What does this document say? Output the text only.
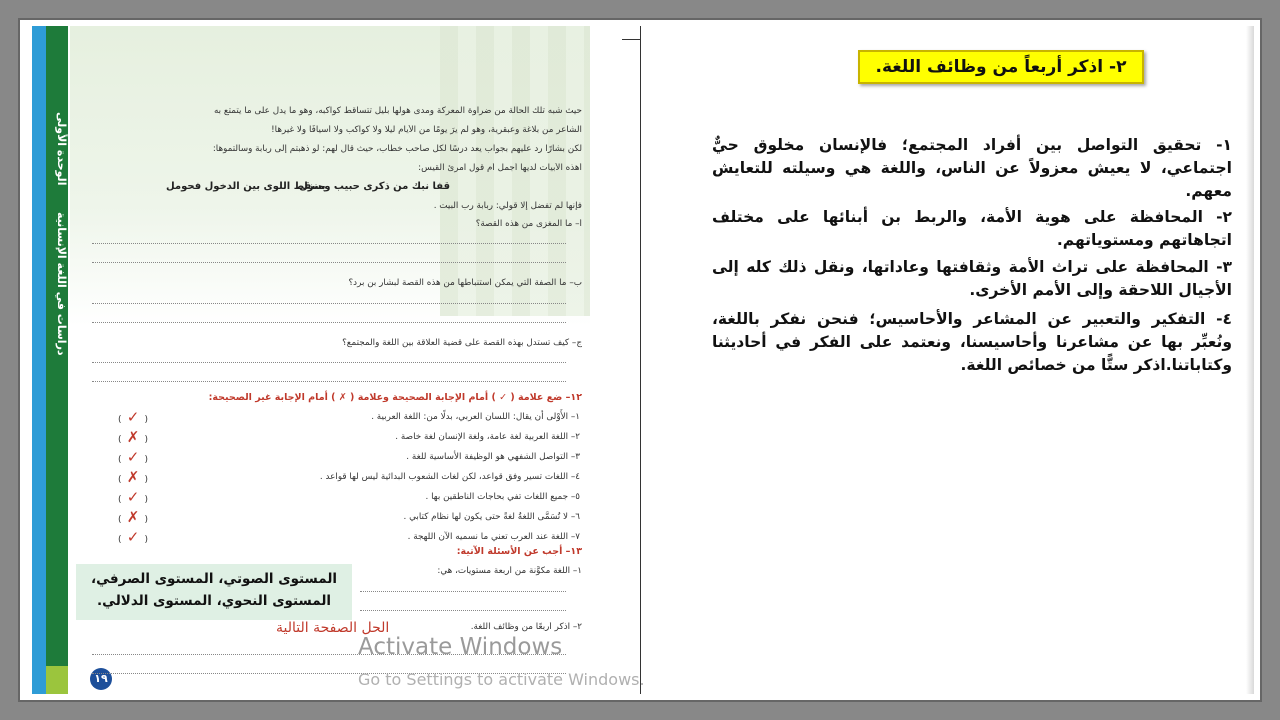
الوحدة الأولى
دراسات في اللغة الإنسانية
١٩
حيث شبه تلك الحالة من ضراوة المعركة ومدى هولها بليل تتساقط كواكبه، وهو ما يدل على ما يتمتع به
الشاعر من بلاغة وعبقرية، وهو لم يرَ يومًا من الأيام ليلًا ولا كواكب ولا أسيافًا ولا غيرها!
لكن بشارًا رد عليهم بجواب يعد درسًا لكل صاحب خطاب، حيث قال لهم: لو ذهبتم إلى ربابة وسألتموها:
أهذه الأبيات لديها أجمل أم قول امرئ القيس:
قفا نبك من ذكرى حبيب ومنزل
بسقط اللوى بين الدخول فحومل
فإنها لم تفضل إلا قولي: ربابة رب البيت .
أ– ما المغزى من هذه القصة؟
ب– ما الصفة التي يمكن استنباطها من هذه القصة لبشار بن برد؟
ج– كيف تستدل بهذه القصة على قضية العلاقة بين اللغة والمجتمع؟
١٢– ضع علامة ( ✓ ) أمام الإجابة الصحيحة وعلامة ( ✗ ) أمام الإجابة غير الصحيحة:
( ✓ )	١– الأَوْلى أن يقال: اللسان العربي، بدلًا من: اللغة العربية .
( ✗ )	٢– اللغة العربية لغة عامة، ولغة الإنسان لغة خاصة .
( ✓ )	٣– التواصل الشفهي هو الوظيفة الأساسية للغة .
( ✗ )	٤– اللغات تسير وفق قواعد، لكن لغات الشعوب البدائية ليس لها قواعد .
( ✓ )	٥– جميع اللغات تفي بحاجات الناطقين بها .
( ✗ )	٦– لا تُسَمَّى اللغةُ لغةً حتى يكون لها نظام كتابي .
( ✓ )	٧– اللغة عند العرب تعني ما نسميه الآن اللهجة .
١٣– أجب عن الأسئلة الآتية:
١– اللغة مكوَّنة من أربعة مستويات، هي:
المستوى الصوتي، المستوى الصرفي،
المستوى النحوي، المستوى الدلالي.
٢– اذكر أربعًا من وظائف اللغة.
الحل الصفحة التالية
٢- اذكر أربعاً من وظائف اللغة.
١- تحقيق التواصل بين أفراد المجتمع؛ فالإنسان مخلوق حيٌّ اجتماعي، لا يعيش معزولاً عن الناس، واللغة هي وسيلته للتعايش معهم.
٢- المحافظة على هوية الأمة، والربط بن أبنائها على مختلف اتجاهاتهم ومستوياتهم.
٣- المحافظة على تراث الأمة وثقافتها وعاداتها، ونقل ذلك كله إلى الأجيال اللاحقة وإلى الأمم الأخرى.
٤- التفكير والتعبير عن المشاعر والأحاسيس؛ فنحن نفكر باللغة، ونُعبِّر بها عن مشاعرنا وأحاسيسنا، ونعتمد على الفكر في أحاديثنا وكتاباتنا.اذكر ستًّا من خصائص اللغة.
Activate Windows
Go to Settings to activate Windows.
